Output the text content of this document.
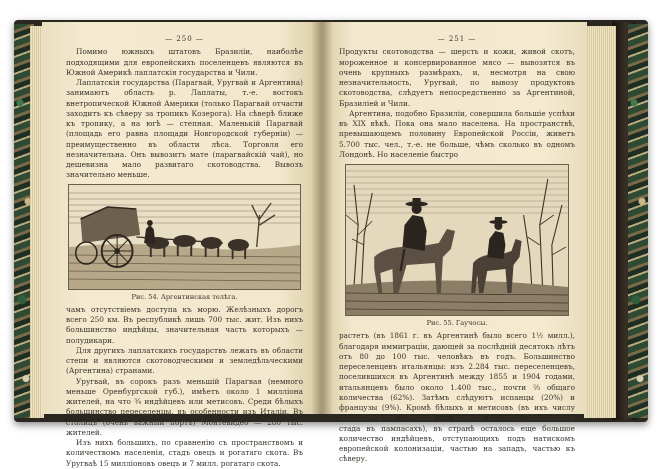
— 250 —

Помимо южныхъ штатовъ Бразиліи, наиболѣе подходящими для европейскихъ поселенцевъ являются въ Южной Америкѣ лаплатскія государства и Чили.

Лаплатскія государства (Парагвай, Уругвай и Аргентина) занимаютъ область р. Лаплаты, т.-е. востокъ внетропической Южной Америки (только Парагвай отчасти заходитъ къ сѣверу за тропикъ Козерога). На сѣверѣ ближе къ тропику, а на югѣ — степная. Маленькій Парагвай (площадь его равна площади Новгородской губерніи) — преимущественно въ области лѣса. Торговля его незначительна. Онъ вывозитъ мате (парагвайскій чай), но дешевизна мало развитаго скотоводства. Вывозъ значительно меньше.

Рис. 54. Аргентинская телѣга.

чамъ отсутствіемъ доступа къ морю. Желѣзныхъ дорогъ всего 250 км. Въ республикѣ лишь 700 тыс. жит. Изъ нихъ большинство индѣйцы, значительная часть которыхъ — полудикари.

Для другихъ лаплатскихъ государствъ лежать въ области степи и являются скотоводческими и земледѣльческими (Аргентина) странами.

Уругвай, въ сорокъ разъ меньшій Парагвая (немного меньше Оренбургской губ.), имѣетъ около 1 милліона жителей, на что ¾ индѣйцевъ или метисовъ. Среди бѣлыхъ большинство переселенцы, въ особенности изъ Италіи. Въ столицѣ (очень важный портъ) Монтевидео — 280 тыс. жителей.

Изъ нихъ большихъ, по сравненію съ пространствомъ и количествомъ населенія, стадъ овецъ и рогатаго скота. Въ Уругваѣ 15 милліоновъ овецъ и 7 милл. рогатаго скота.

— 251 —

Продукты скотоводства — шерсть и кожи, живой скотъ, мороженное и консервированное мясо — вывозятся въ очень крупныхъ размѣрахъ, и, несмотря на свою незначительность, Уругвай, по вывозу продуктовъ скотоводства, слѣдуетъ непосредственно за Аргентиной, Бразиліей и Чили.

Аргентина, подобно Бразиліи, совершила большіе успѣхи въ XIX вѣкѣ. Пока она мало населена. На пространствѣ, превышающемъ половину Европейской Россіи, живетъ 5.700 тыс. чел., т.-е. не больше, чѣмъ сколько въ одномъ Лондонѣ. Но населеніе быстро

Рис. 55. Гаучосы.

растетъ (въ 1861 г. въ Аргентинѣ было всего 1½ милл.), благодаря иммиграціи, дающей за послѣдній десятокъ лѣтъ отъ 80 до 100 тыс. человѣкъ въ годъ. Большинство переселенцевъ итальянцы: изъ 2.284 тыс. переселенцевъ, поселившихся въ Аргентинѣ между 1855 и 1904 годами, итальянцевъ было около 1.400 тыс., почти ⅔ общаго количества (62%). Затѣмъ слѣдуютъ испанцы (20%) и французы (9%). Кромѣ бѣлыхъ и метисовъ (въ ихъ числу принадлежатъ гаучосы — конные пастухи, охраняющіе стада въ пампасахъ), въ странѣ осталось еще большое количество индѣйцевъ, отступающихъ подъ натискомъ европейской колонизаціи, частью на западъ, частью къ сѣверу.
